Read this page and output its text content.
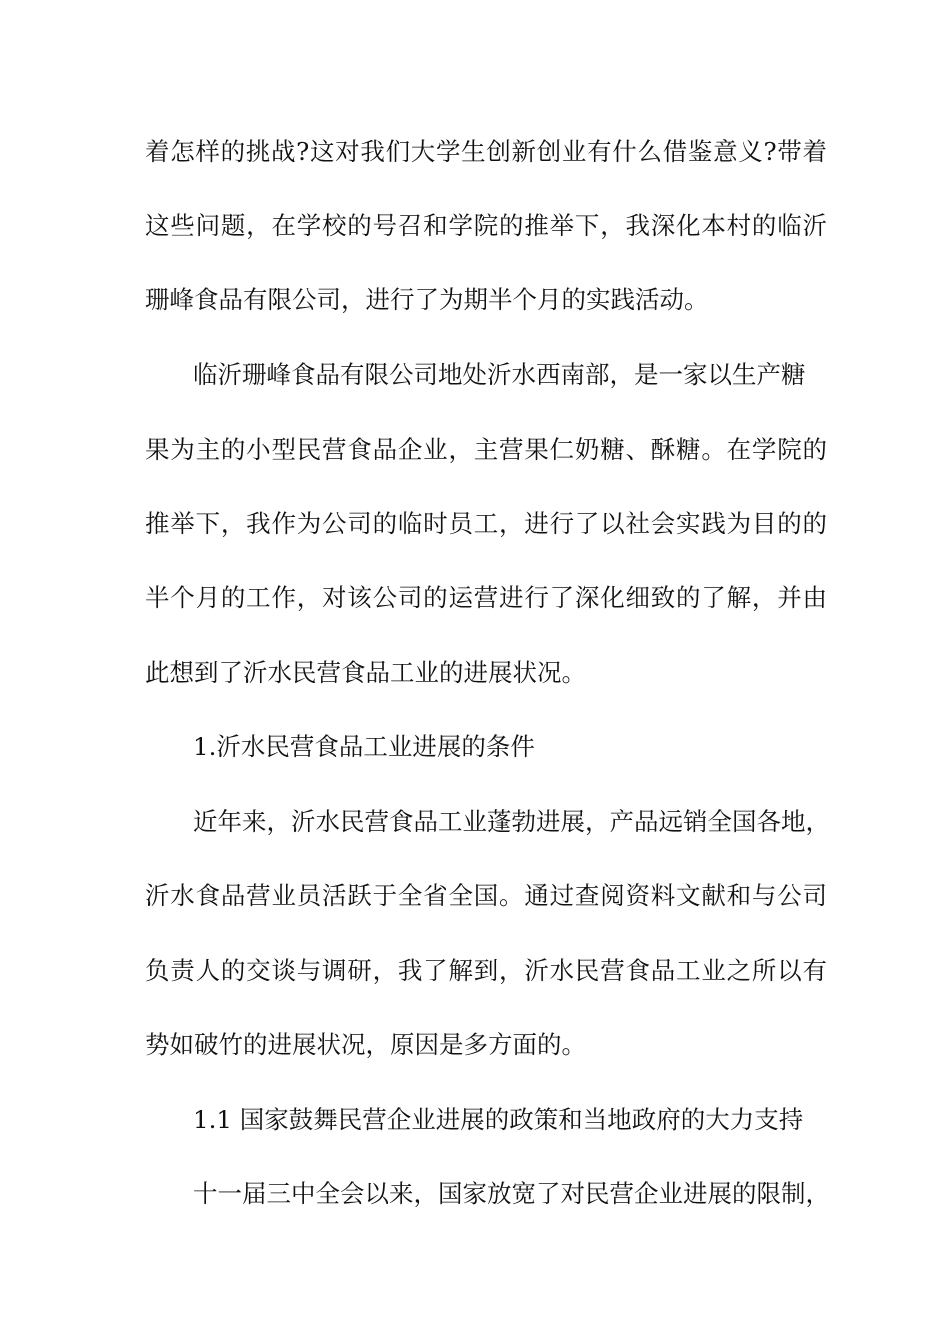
着怎样的挑战?这对我们大学生创新创业有什么借鉴意义?带着
这些问题，在学校的号召和学院的推举下，我深化本村的临沂
珊峰食品有限公司，进行了为期半个月的实践活动。
临沂珊峰食品有限公司地处沂水西南部，是一家以生产糖
果为主的小型民营食品企业，主营果仁奶糖、酥糖。在学院的
推举下，我作为公司的临时员工，进行了以社会实践为目的的
半个月的工作，对该公司的运营进行了深化细致的了解，并由
此想到了沂水民营食品工业的进展状况。
1.沂水民营食品工业进展的条件
近年来，沂水民营食品工业蓬勃进展，产品远销全国各地，
沂水食品营业员活跃于全省全国。通过查阅资料文献和与公司
负责人的交谈与调研，我了解到，沂水民营食品工业之所以有
势如破竹的进展状况，原因是多方面的。
1.1 国家鼓舞民营企业进展的政策和当地政府的大力支持
十一届三中全会以来，国家放宽了对民营企业进展的限制，
